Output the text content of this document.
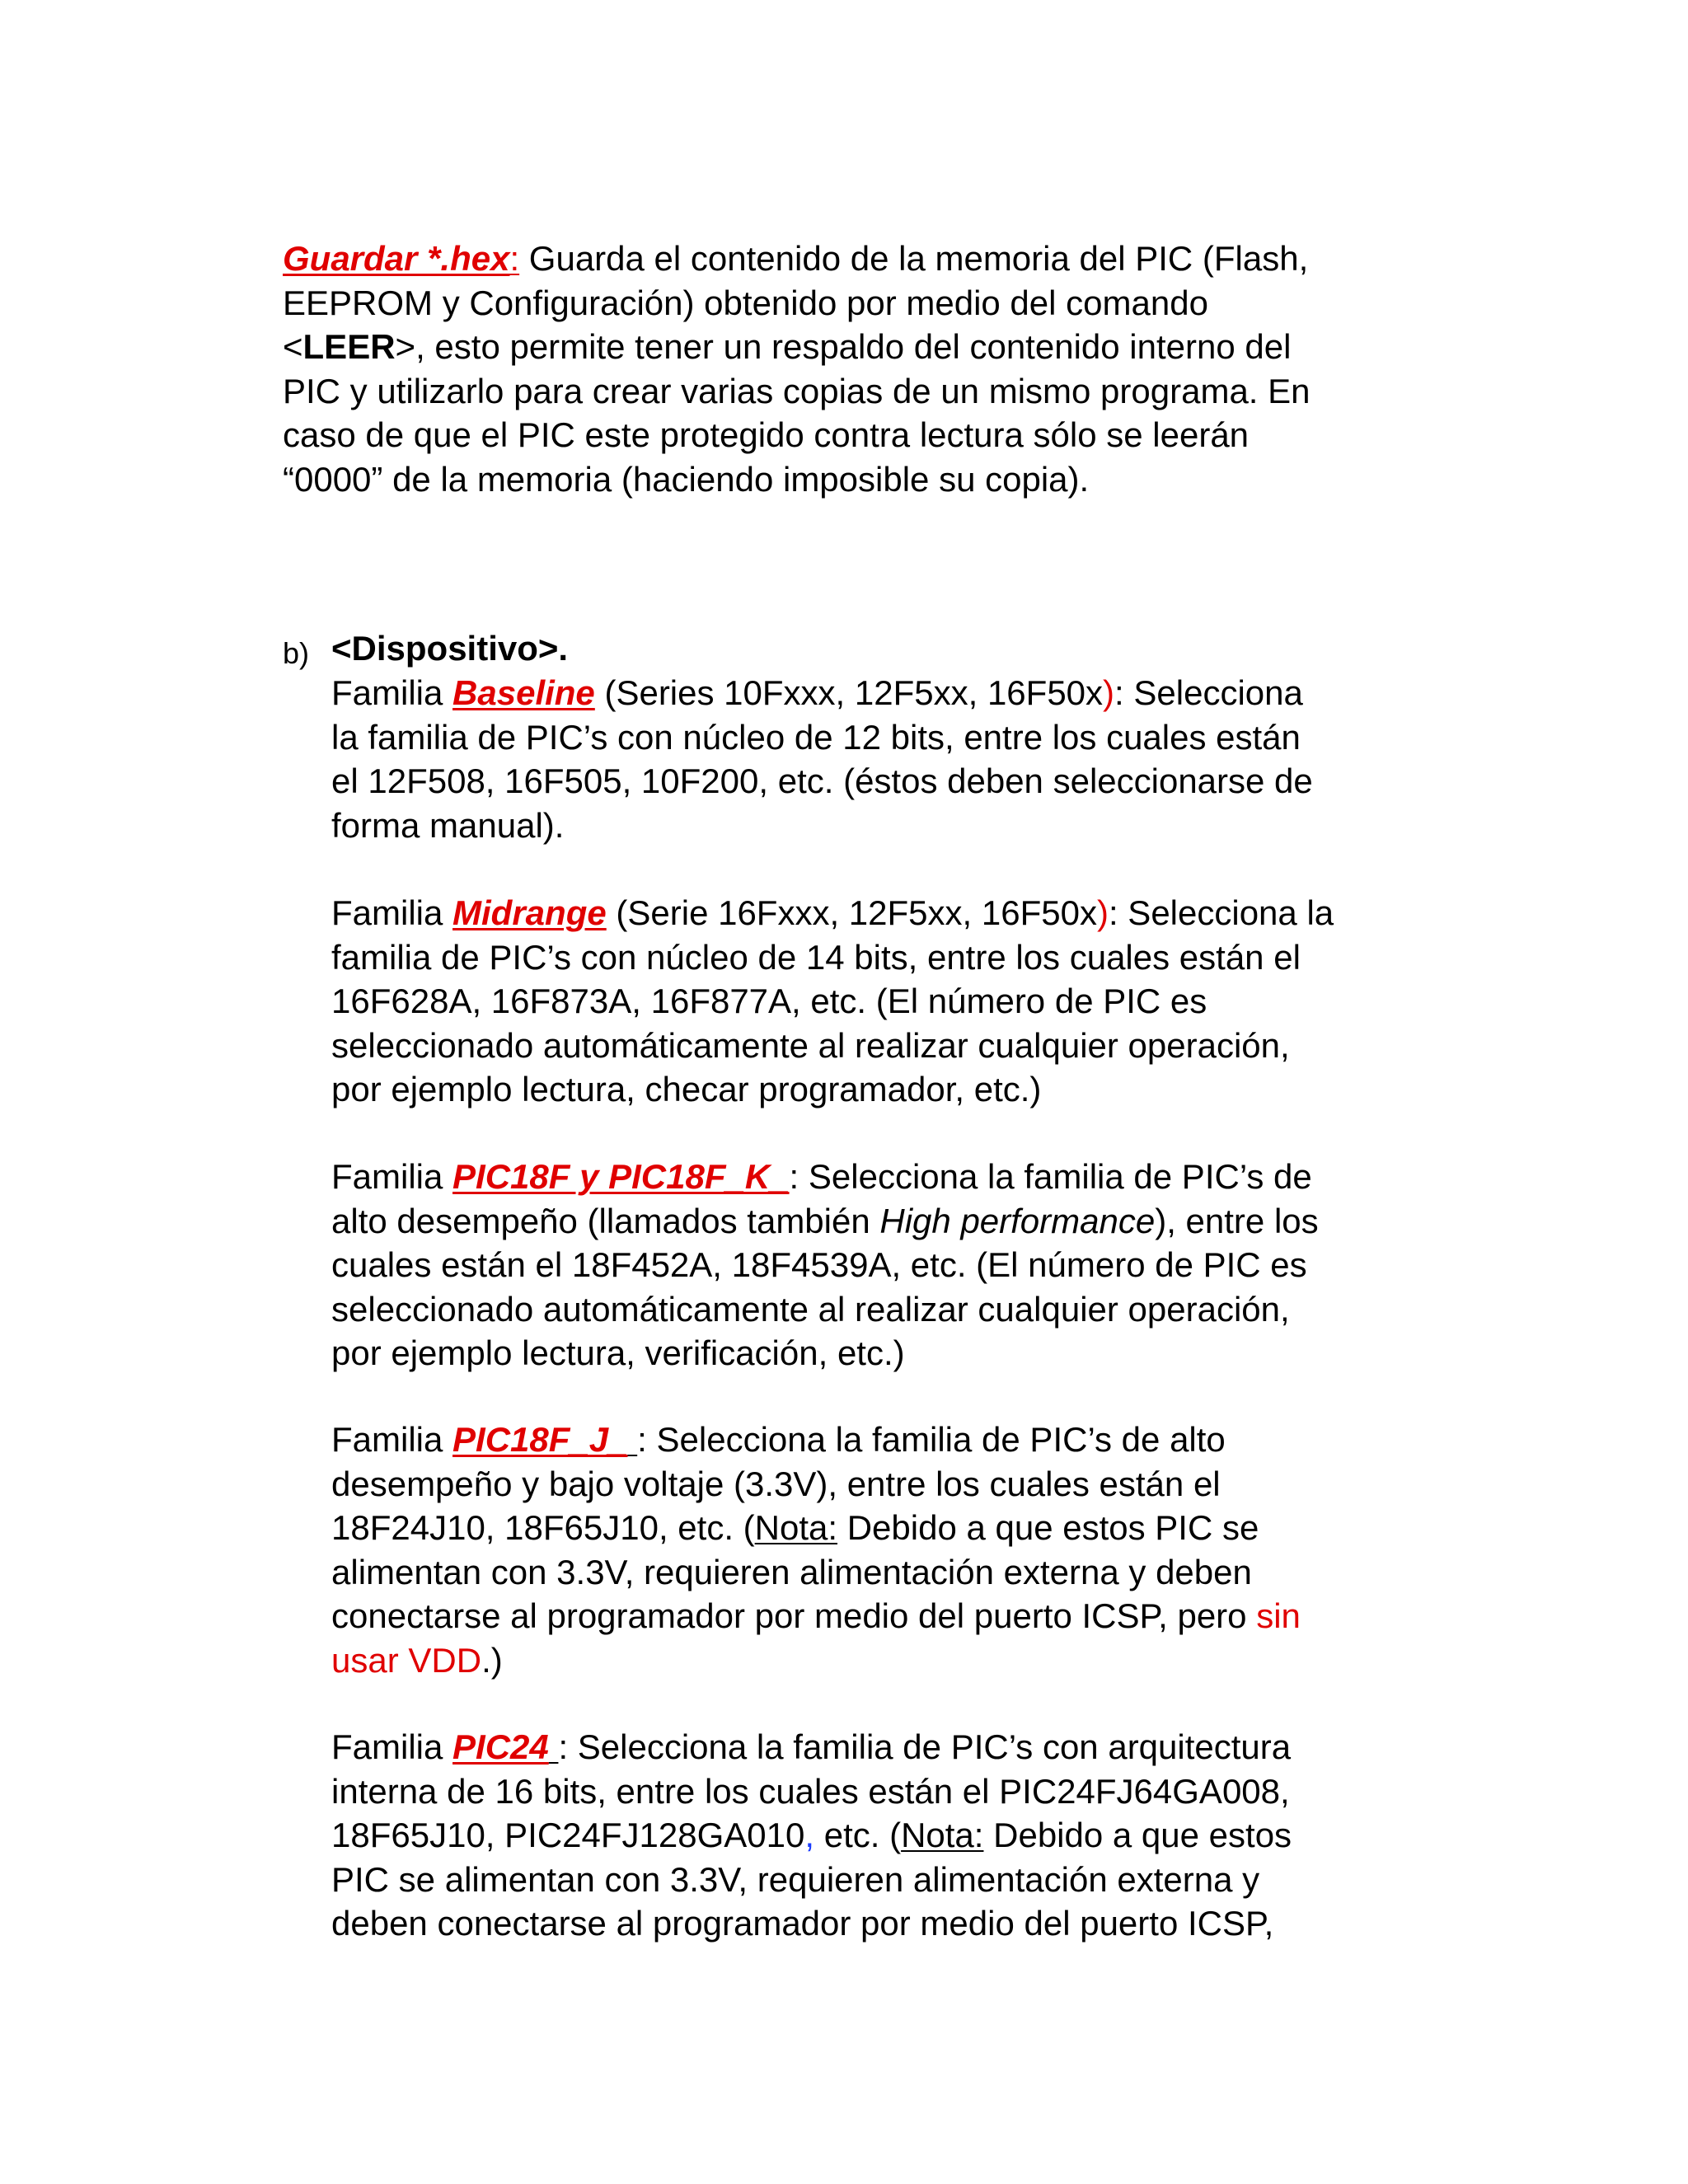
Guardar *.hex: Guarda el contenido de la memoria del PIC (Flash,
EEPROM y Configuración) obtenido por medio del comando
<LEER>, esto permite tener un respaldo del contenido interno del
PIC y utilizarlo para crear varias copias de un mismo programa. En
caso de que el PIC este protegido contra lectura sólo se leerán
“0000” de la memoria (haciendo imposible su copia).
b) <Dispositivo>.
Familia Baseline (Series 10Fxxx, 12F5xx, 16F50x): Selecciona
la familia de PIC’s con núcleo de 12 bits, entre los cuales están
el 12F508, 16F505, 10F200, etc. (éstos deben seleccionarse de
forma manual).
Familia Midrange (Serie 16Fxxx, 12F5xx, 16F50x): Selecciona la
familia de PIC’s con núcleo de 14 bits, entre los cuales están el
16F628A, 16F873A, 16F877A, etc. (El número de PIC es
seleccionado automáticamente al realizar cualquier operación,
por ejemplo lectura, checar programador, etc.)
Familia PIC18F y PIC18F_K_: Selecciona la familia de PIC’s de
alto desempeño (llamados también High performance), entre los
cuales están el 18F452A, 18F4539A, etc. (El número de PIC es
seleccionado automáticamente al realizar cualquier operación,
por ejemplo lectura, verificación, etc.)
Familia PIC18F_J_ : Selecciona la familia de PIC’s de alto
desempeño y bajo voltaje (3.3V), entre los cuales están el
18F24J10, 18F65J10, etc. (Nota: Debido a que estos PIC se
alimentan con 3.3V, requieren alimentación externa y deben
conectarse al programador por medio del puerto ICSP, pero sin
usar VDD.)
Familia PIC24 : Selecciona la familia de PIC’s con arquitectura
interna de 16 bits, entre los cuales están el PIC24FJ64GA008,
18F65J10, PIC24FJ128GA010, etc. (Nota: Debido a que estos
PIC se alimentan con 3.3V, requieren alimentación externa y
deben conectarse al programador por medio del puerto ICSP,
